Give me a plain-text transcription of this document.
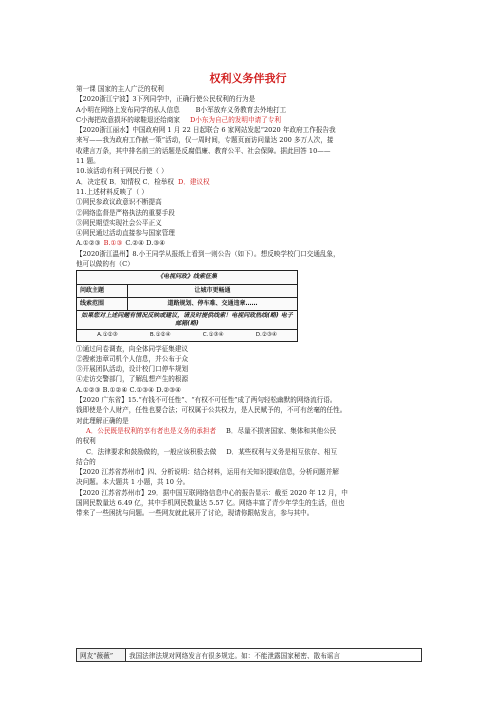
权利义务伴我行
第一课 国家的主人广泛的权利
【2020浙江宁波】3下列同学中，正确行使公民权利的行为是
A小明在网络上发布同学的私人信息 B小军放弃义务教育去外地打工
C小海把故意损坏的球鞋退还给商家 D小东为自己的发明申请了专利
【2020浙江丽水】中国政府网 1 月 22 日起联合 6 家网站发起“2020 年政府工作报告我
来写——我为政府工作献一策”活动，仅一周时间，专题页面访问量达 200 多万人次，接
收建言万条，其中排名前三的话题是反腐倡廉、教育公平、社会保障。据此回答 10——
11 题。
10.该活动有利于网民行使（ ）
A．决定权 B．知情权 C．检举权 D．建议权
11.上述材料反映了（ ）
①网民参政议政意识不断提高
②网络监督是严格执法的重要手段
③网民期望实现社会公平正义
④网民通过活动直接参与国家管理
A.①②③ B.①③ C.②④ D.③④
【2020浙江温州】8.小王同学从报纸上看到一则公告（如下）。想反映学校门口交通乱象，
他可以做的有（C）
《电视问政》线索征集
问政主题	让城市更畅通
线索范围	道路规划、停车难、交通违章……
如果您对上述问题有情况反映或建议，请及时提供线索！电视问政热线(略) 电子邮箱(略)
A.①②③	B.①②④	C.①③④	D.②③④
①通过问卷调查，向全体同学征集建议
②搜索违章司机个人信息，并公布于众
③开展团队活动，设计校门口停车规划
④走访交警部门，了解乱想产生的根源
A.①②③ B.①②④ C.①③④ D.②③④
【2020 广东省】15.“有钱不可任性”、“有权不可任性”成了两句轻松幽默的网络流行语。
钱即使是个人财产，任性也要合法；可权属于公共权力，是人民赋予的，不可有丝毫的任性。
对此理解正确的是
A．公民既是权利的享有者也是义务的承担者 B．尽量不损害国家、集体和其他公民
的权利
C．法律要求和鼓励做的，一般应该积极去做 D．某些权利与义务是相互依存、相互
结合的
【2020 江苏省苏州市】四、分析说明：结合材料，运用有关知识提取信息，分析问题并解
决问题。本大题共 1 小题，共 10 分。
【2020 江苏省苏州市】29．据中国互联网络信息中心的报告显示：截至 2020 年 12 月，中
国网民数量达 6.49 亿，其中手机网民数量达 5.57 亿。网络丰富了青少年学生的生活，但也
带来了一些困扰与问题。一些网友就此展开了讨论，现请你跟帖发言，参与其中。
网友“薇薇”	我国法律法规对网络发言有很多规定。如：不能泄露国家秘密、散布谣言
